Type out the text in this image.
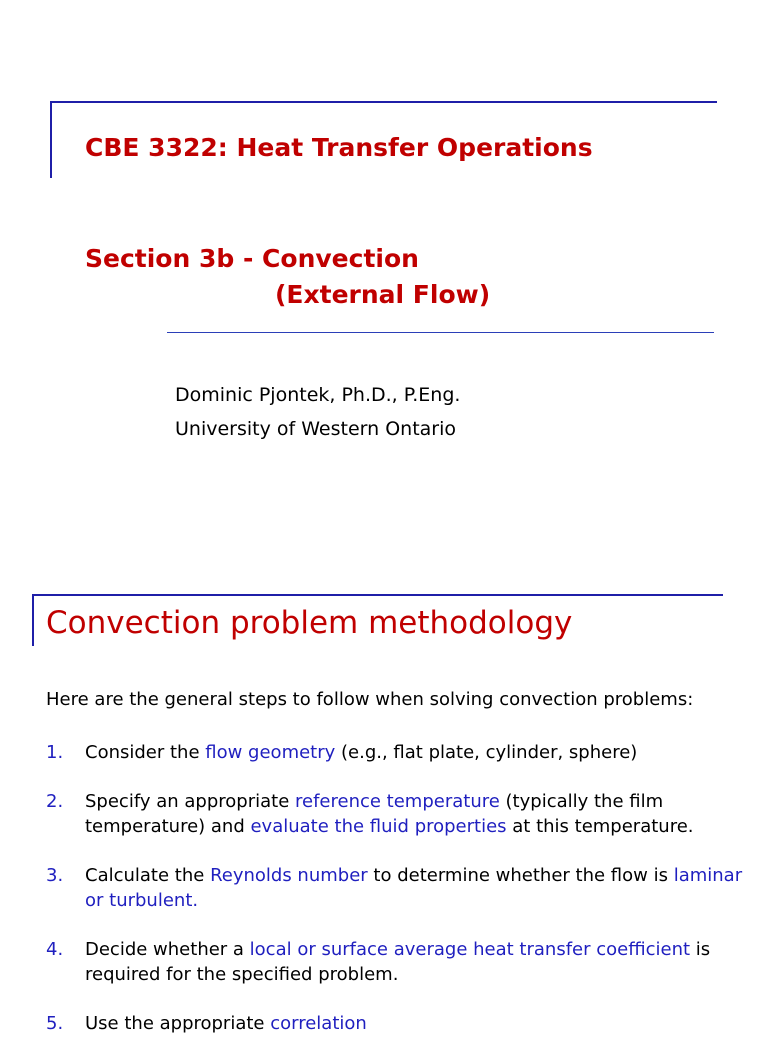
CBE 3322: Heat Transfer Operations
Section 3b - Convection
(External Flow)
Dominic Pjontek, Ph.D., P.Eng.
University of Western Ontario
Convection problem methodology
Here are the general steps to follow when solving convection problems:
1. Consider the flow geometry (e.g., flat plate, cylinder, sphere)
2. Specify an appropriate reference temperature (typically the film temperature) and evaluate the fluid properties at this temperature.
3. Calculate the Reynolds number to determine whether the flow is laminar or turbulent.
4. Decide whether a local or surface average heat transfer coefficient is required for the specified problem.
5. Use the appropriate correlation
